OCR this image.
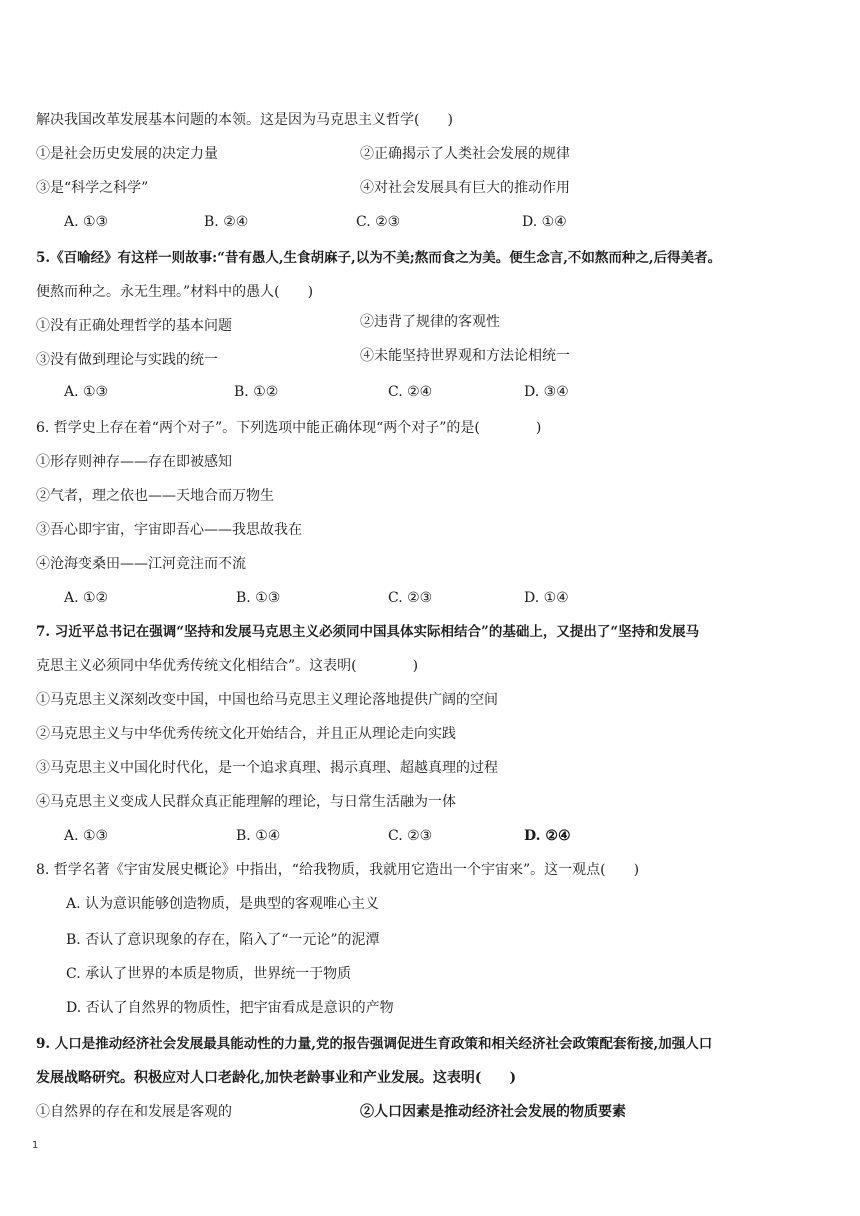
解决我国改革发展基本问题的本领。这是因为马克思主义哲学(　　)
①是社会历史发展的决定力量	②正确揭示了人类社会发展的规律
③是“科学之科学”	④对社会发展具有巨大的推动作用
A. ①③	B. ②④	C. ②③	D. ①④
5.《百喻经》有这样一则故事:“昔有愚人,生食胡麻子,以为不美;熬而食之为美。便生念言,不如熬而种之,后得美者。
便熬而种之。永无生理。”材料中的愚人(　　)
①没有正确处理哲学的基本问题	②违背了规律的客观性
③没有做到理论与实践的统一	④未能坚持世界观和方法论相统一
A. ①③	B. ①②	C. ②④	D. ③④
6. 哲学史上存在着“两个对子”。下列选项中能正确体现“两个对子”的是(　　　　)
①形存则神存——存在即被感知
②气者，理之依也——天地合而万物生
③吾心即宇宙，宇宙即吾心——我思故我在
④沧海变桑田——江河竞注而不流
A. ①②	B. ①③	C. ②③	D. ①④
7. 习近平总书记在强调“坚持和发展马克思主义必须同中国具体实际相结合”的基础上，又提出了“坚持和发展马
克思主义必须同中华优秀传统文化相结合”。这表明(　　　　)
①马克思主义深刻改变中国，中国也给马克思主义理论落地提供广阔的空间
②马克思主义与中华优秀传统文化开始结合，并且正从理论走向实践
③马克思主义中国化时代化，是一个追求真理、揭示真理、超越真理的过程
④马克思主义变成人民群众真正能理解的理论，与日常生活融为一体
A. ①③	B. ①④	C. ②③	D. ②④
8. 哲学名著《宇宙发展史概论》中指出，“给我物质，我就用它造出一个宇宙来”。这一观点(　　)
A. 认为意识能够创造物质，是典型的客观唯心主义
B. 否认了意识现象的存在，陷入了“一元论”的泥潭
C. 承认了世界的本质是物质，世界统一于物质
D. 否认了自然界的物质性，把宇宙看成是意识的产物
9. 人口是推动经济社会发展最具能动性的力量,党的报告强调促进生育政策和相关经济社会政策配套衔接,加强人口
发展战略研究。积极应对人口老龄化,加快老龄事业和产业发展。这表明(　　)
①自然界的存在和发展是客观的	②人口因素是推动经济社会发展的物质要素
1
